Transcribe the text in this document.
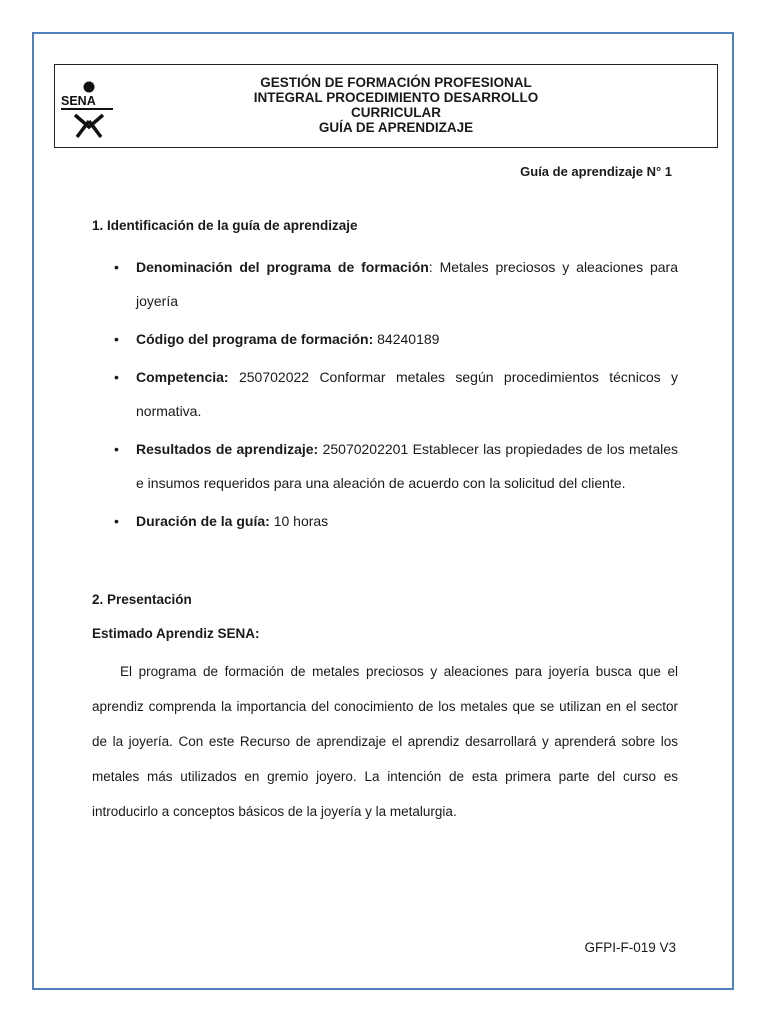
SENA
GESTIÓN DE FORMACIÓN PROFESIONAL
INTEGRAL PROCEDIMIENTO DESARROLLO
CURRICULAR
GUÍA DE APRENDIZAJE
Guía de aprendizaje N° 1
1. Identificación de la guía de aprendizaje
• Denominación del programa de formación: Metales preciosos y aleaciones para joyería
• Código del programa de formación: 84240189
• Competencia: 250702022 Conformar metales según procedimientos técnicos y normativa.
• Resultados de aprendizaje: 25070202201 Establecer las propiedades de los metales e insumos requeridos para una aleación de acuerdo con la solicitud del cliente.
• Duración de la guía: 10 horas
2. Presentación
Estimado Aprendiz SENA:

El programa de formación de metales preciosos y aleaciones para joyería busca que el aprendiz comprenda la importancia del conocimiento de los metales que se utilizan en el sector de la joyería. Con este Recurso de aprendizaje el aprendiz desarrollará y aprenderá sobre los metales más utilizados en gremio joyero. La intención de esta primera parte del curso es introducirlo a conceptos básicos de la joyería y la metalurgia.

GFPI-F-019 V3
